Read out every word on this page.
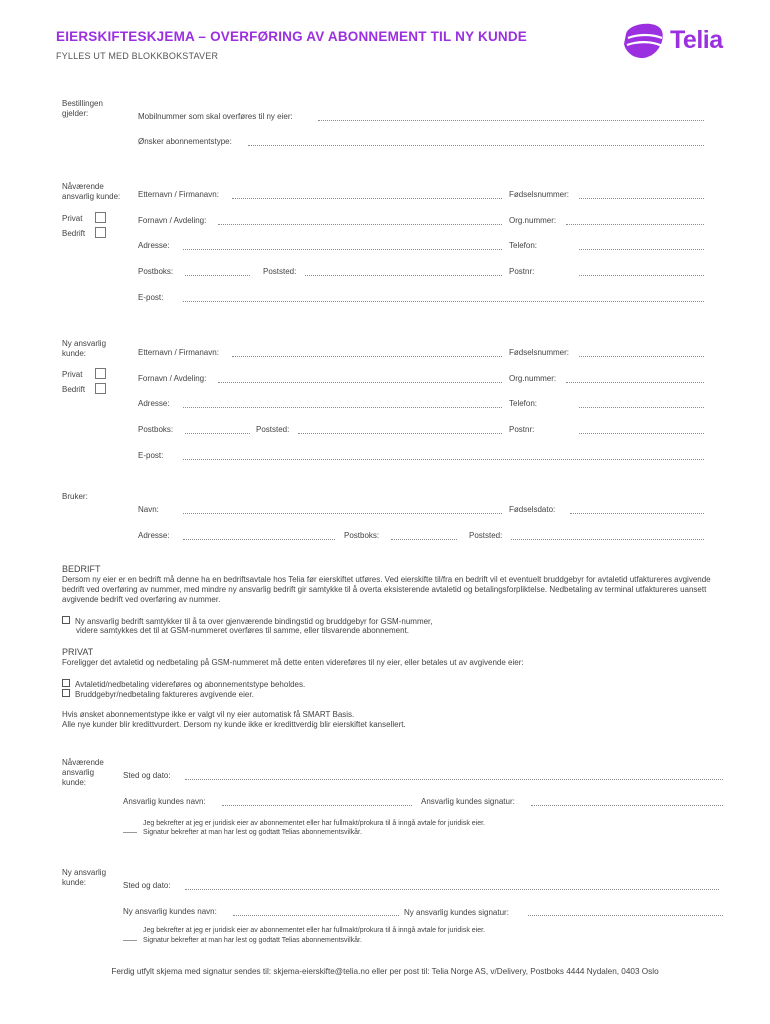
EIERSKIFTESKJEMA – OVERFØRING AV ABONNEMENT TIL NY KUNDE
FYLLES UT MED BLOKKBOKSTAVER
Telia
Bestillingen
gjelder:	Mobilnummer som skal overføres til ny eier:
Ønsker abonnementstype:
Nåværende
ansvarlig kunde:
Privat
Bedrift
Etternavn / Firmanavn:	Fødselsnummer:
Fornavn / Avdeling:	Org.nummer:
Adresse:	Telefon:
Postboks:	Poststed:	Postnr:
E-post:
Ny ansvarlig
kunde:
Privat
Bedrift
Etternavn / Firmanavn:	Fødselsnummer:
Fornavn / Avdeling:	Org.nummer:
Adresse:	Telefon:
Postboks:	Poststed:	Postnr:
E-post:
Bruker:
Navn:	Fødselsdato:
Adresse:	Postboks:	Poststed:
BEDRIFT
Dersom ny eier er en bedrift må denne ha en bedriftsavtale hos Telia før eierskiftet utføres. Ved eierskifte til/fra en bedrift vil et eventuelt bruddgebyr for avtaletid utfaktureres avgivende bedrift ved overføring av nummer, med mindre ny ansvarlig bedrift gir samtykke til å overta eksisterende avtaletid og betalingsforpliktelse. Nedbetaling av terminal utfaktureres uansett avgivende bedrift ved overføring av nummer.
Ny ansvarlig bedrift samtykker til å ta over gjenværende bindingstid og bruddgebyr for GSM-nummer,
videre samtykkes det til at GSM-nummeret overføres til samme, eller tilsvarende abonnement.
PRIVAT
Foreligger det avtaletid og nedbetaling på GSM-nummeret må dette enten videreføres til ny eier, eller betales ut av avgivende eier:
Avtaletid/nedbetaling videreføres og abonnementstype beholdes.
Bruddgebyr/nedbetaling faktureres avgivende eier.
Hvis ønsket abonnementstype ikke er valgt vil ny eier automatisk få SMART Basis.
Alle nye kunder blir kredittvurdert. Dersom ny kunde ikke er kredittverdig blir eierskiftet kansellert.
Nåværende
ansvarlig
kunde:
Sted og dato:
Ansvarlig kundes navn:	Ansvarlig kundes signatur:
Jeg bekrefter at jeg er juridisk eier av abonnementet eller har fullmakt/prokura til å inngå avtale for juridisk eier.
Signatur bekrefter at man har lest og godtatt Telias abonnementsvilkår.
Ny ansvarlig
kunde:	Sted og dato:
Ny ansvarlig kundes navn:	Ny ansvarlig kundes signatur:
Jeg bekrefter at jeg er juridisk eier av abonnementet eller har fullmakt/prokura til å inngå avtale for juridisk eier.
Signatur bekrefter at man har lest og godtatt Telias abonnementsvilkår.
Ferdig utfylt skjema med signatur sendes til: skjema-eierskifte@telia.no eller per post til: Telia Norge AS, v/Delivery, Postboks 4444 Nydalen, 0403 Oslo
